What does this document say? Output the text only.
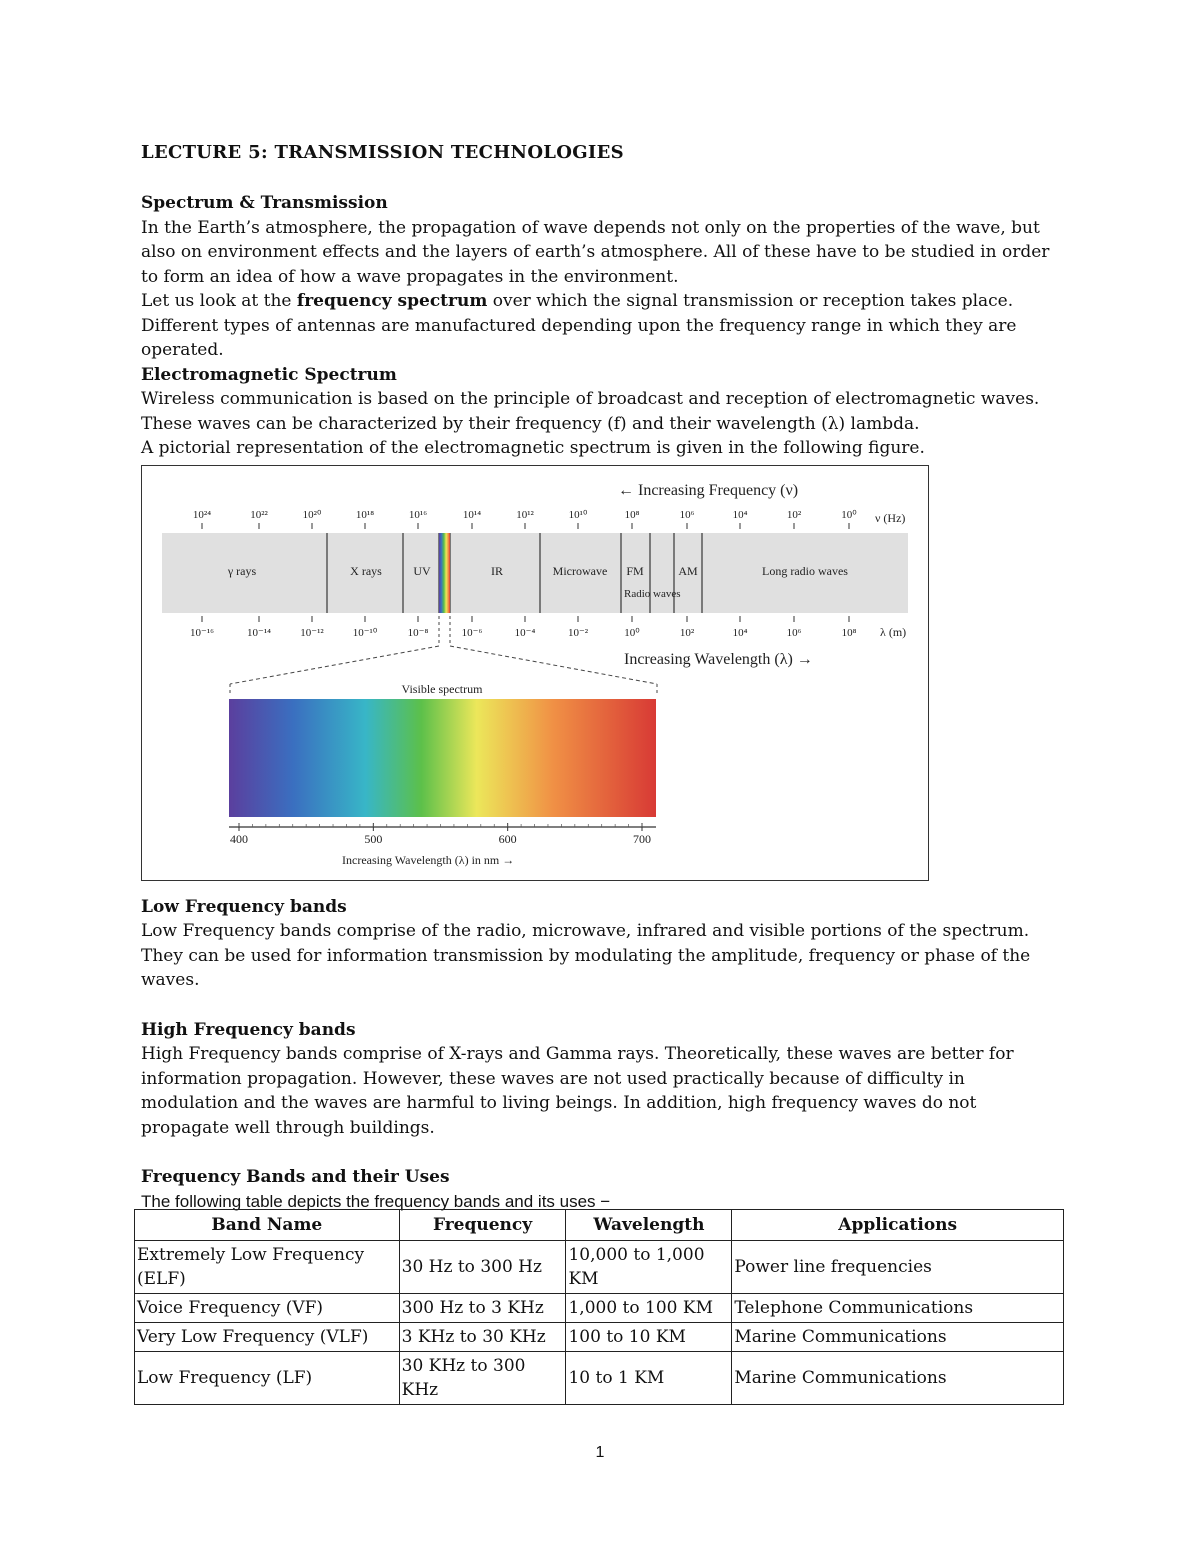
LECTURE 5: TRANSMISSION TECHNOLOGIES
Spectrum & Transmission

In the Earth’s atmosphere, the propagation of wave depends not only on the properties of the wave, but also on environment effects and the layers of earth’s atmosphere. All of these have to be studied in order to form an idea of how a wave propagates in the environment.

Let us look at the frequency spectrum over which the signal transmission or reception takes place.

Different types of antennas are manufactured depending upon the frequency range in which they are operated.

Electromagnetic Spectrum

Wireless communication is based on the principle of broadcast and reception of electromagnetic waves.

These waves can be characterized by their frequency (f) and their wavelength (λ) lambda.

A pictorial representation of the electromagnetic spectrum is given in the following figure.

← Increasing Frequency (ν)
10²⁴	10²²	10²⁰	10¹⁸	10¹⁶	10¹⁴	10¹²	10¹⁰	10⁸	10⁶	10⁴	10²	10⁰ ν (Hz)
γ rays	X rays	UV	IR	Microwave FM	AM	Long radio waves
Radio waves
10⁻¹⁶	10⁻¹⁴	10⁻¹²	10⁻¹⁰	10⁻⁸	10⁻⁶	10⁻⁴	10⁻²	10⁰	10²	10⁴	10⁶	10⁸ λ (m)
Increasing Wavelength (λ) →
Visible spectrum
400	500	600	700
Increasing Wavelength (λ) in nm →
Low Frequency bands

Low Frequency bands comprise of the radio, microwave, infrared and visible portions of the spectrum. They can be used for information transmission by modulating the amplitude, frequency or phase of the waves.

High Frequency bands

High Frequency bands comprise of X-rays and Gamma rays. Theoretically, these waves are better for information propagation. However, these waves are not used practically because of difficulty in modulation and the waves are harmful to living beings. In addition, high frequency waves do not propagate well through buildings.

Frequency Bands and their Uses

The following table depicts the frequency bands and its uses −

Band Name	Frequency	Wavelength	Applications
Extremely Low Frequency (ELF)	30 Hz to 300 Hz	10,000 to 1,000 KM	Power line frequencies
Voice Frequency (VF)	300 Hz to 3 KHz	1,000 to 100 KM	Telephone Communications
Very Low Frequency (VLF)	3 KHz to 30 KHz	100 to 10 KM	Marine Communications
Low Frequency (LF)	30 KHz to 300 KHz	10 to 1 KM	Marine Communications
1
